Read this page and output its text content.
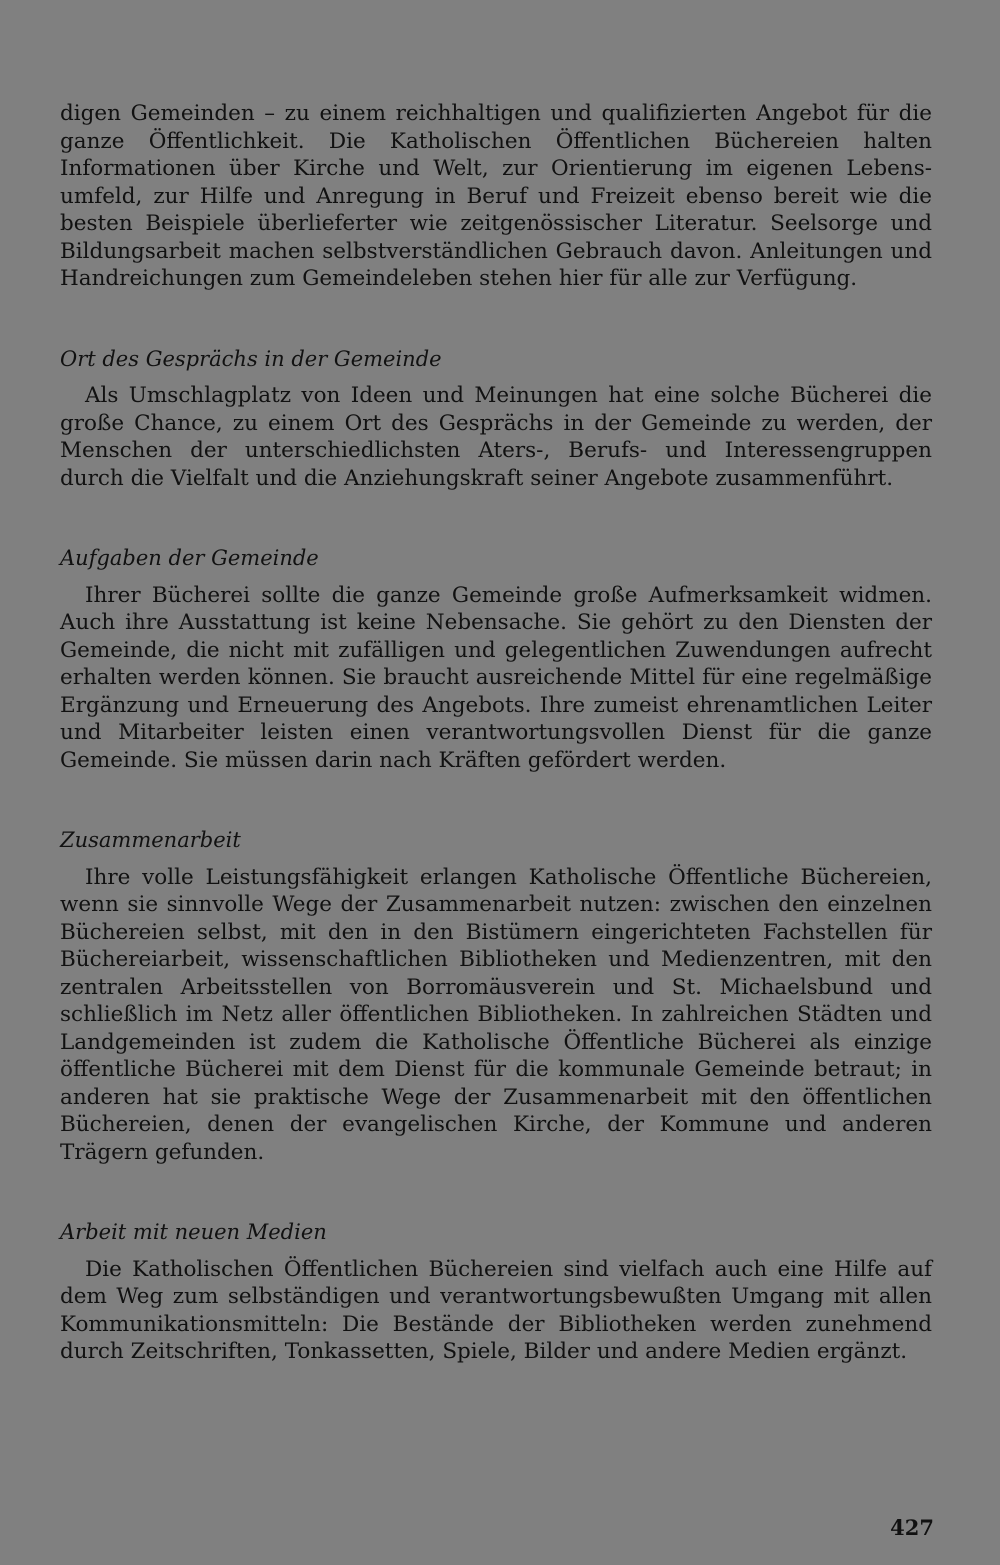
digen Gemeinden – zu einem reichhaltigen und qualifizierten Angebot für die ganze Öffentlichkeit. Die Katholischen Öffentlichen Büchereien halten Informationen über Kirche und Welt, zur Orientierung im eigenen Lebensumfeld, zur Hilfe und Anregung in Beruf und Freizeit ebenso bereit wie die besten Beispiele überlieferter wie zeitgenössischer Literatur. Seelsorge und Bildungsarbeit machen selbstverständlichen Gebrauch davon. Anleitungen und Handreichungen zum Gemeindeleben stehen hier für alle zur Verfügung.

Ort des Gesprächs in der Gemeinde

Als Umschlagplatz von Ideen und Meinungen hat eine solche Bücherei die große Chance, zu einem Ort des Gesprächs in der Gemeinde zu werden, der Menschen der unterschiedlichsten Aters-, Berufs- und Interessengruppen durch die Vielfalt und die Anziehungskraft seiner Angebote zusammenführt.

Aufgaben der Gemeinde

Ihrer Bücherei sollte die ganze Gemeinde große Aufmerksamkeit widmen. Auch ihre Ausstattung ist keine Nebensache. Sie gehört zu den Diensten der Gemeinde, die nicht mit zufälligen und gelegentlichen Zuwendungen aufrecht erhalten werden können. Sie braucht ausreichende Mittel für eine regelmäßige Ergänzung und Erneuerung des Angebots. Ihre zumeist ehrenamtlichen Leiter und Mitarbeiter leisten einen verantwortungsvollen Dienst für die ganze Gemeinde. Sie müssen darin nach Kräften gefördert werden.

Zusammenarbeit

Ihre volle Leistungsfähigkeit erlangen Katholische Öffentliche Büchereien, wenn sie sinnvolle Wege der Zusammenarbeit nutzen: zwischen den einzelnen Büchereien selbst, mit den in den Bistümern eingerichteten Fachstellen für Büchereiarbeit, wissenschaftlichen Bibliotheken und Medienzentren, mit den zentralen Arbeitsstellen von Borromäusverein und St. Michaelsbund und schließlich im Netz aller öffentlichen Bibliotheken. In zahlreichen Städten und Landgemeinden ist zudem die Katholische Öffentliche Bücherei als einzige öffentliche Bücherei mit dem Dienst für die kommunale Gemeinde betraut; in anderen hat sie praktische Wege der Zusammenarbeit mit den öffentlichen Büchereien, denen der evangelischen Kirche, der Kommune und anderen Trägern gefunden.

Arbeit mit neuen Medien

Die Katholischen Öffentlichen Büchereien sind vielfach auch eine Hilfe auf dem Weg zum selbständigen und verantwortungsbewußten Umgang mit allen Kommunikationsmitteln: Die Bestände der Bibliotheken werden zunehmend durch Zeitschriften, Tonkassetten, Spiele, Bilder und andere Medien ergänzt.

427
